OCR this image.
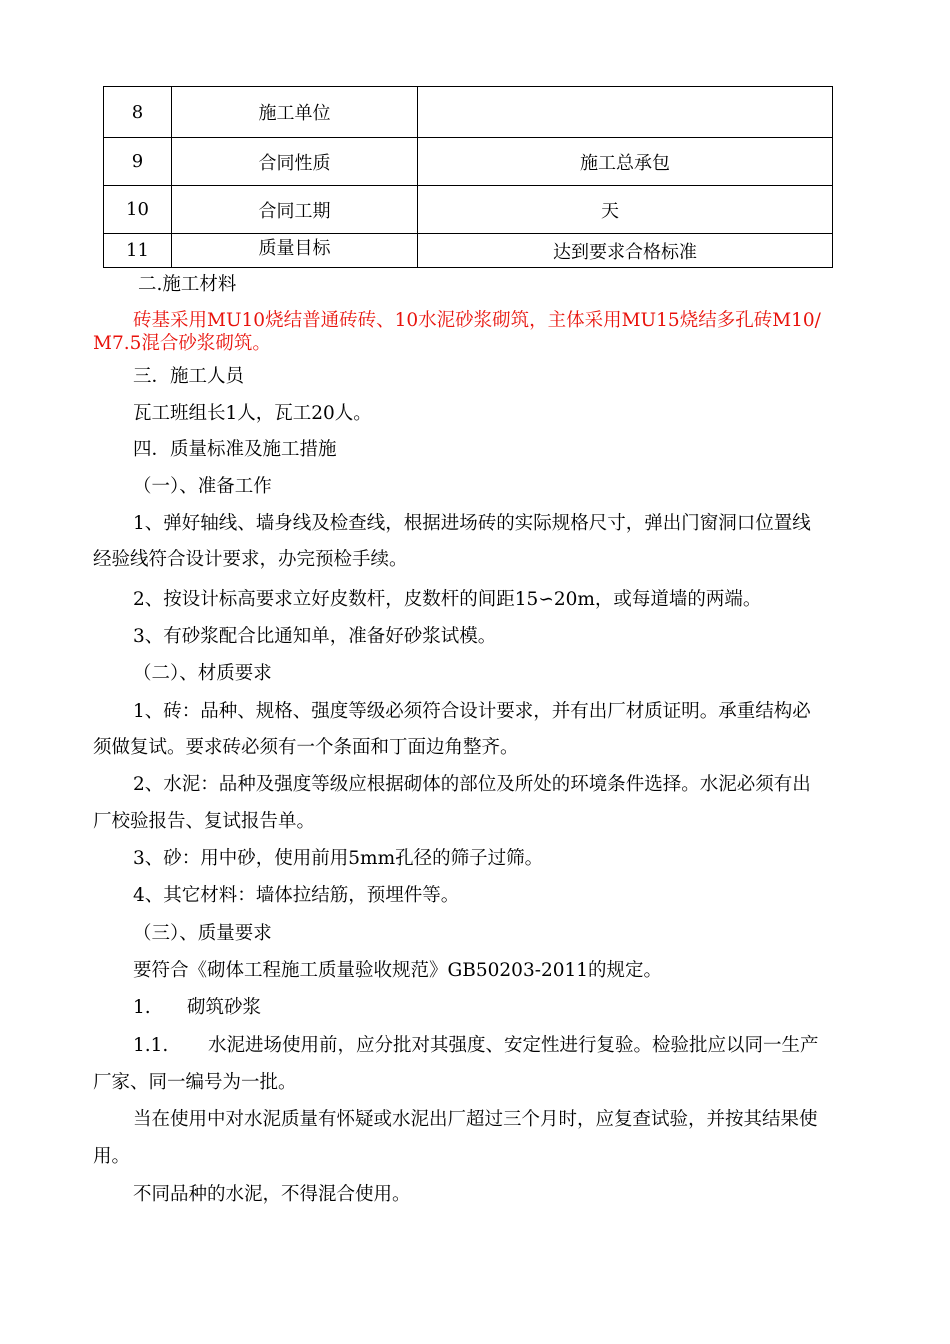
8	施工单位	
9	合同性质	施工总承包
10	合同工期	天
11	质量目标	达到要求合格标准
二.施工材料
砖基采用MU10烧结普通砖砖、10水泥砂浆砌筑，主体采用MU15烧结多孔砖M10/
M7.5混合砂浆砌筑。
三．施工人员
瓦工班组长1人，瓦工20人。
四．质量标准及施工措施
（一）、准备工作
1、弹好轴线、墙身线及检查线，根据进场砖的实际规格尺寸，弹出门窗洞口位置线
经验线符合设计要求，办完预检手续。
2、按设计标高要求立好皮数杆，皮数杆的间距15∽20m，或每道墙的两端。
3、有砂浆配合比通知单，准备好砂浆试模。
（二）、材质要求
1、砖：品种、规格、强度等级必须符合设计要求，并有出厂材质证明。承重结构必
须做复试。要求砖必须有一个条面和丁面边角整齐。
2、水泥：品种及强度等级应根据砌体的部位及所处的环境条件选择。水泥必须有出
厂校验报告、复试报告单。
3、砂：用中砂，使用前用5mm孔径的筛子过筛。
4、其它材料：墙体拉结筋，预埋件等。
（三）、质量要求
要符合《砌体工程施工质量验收规范》GB50203-2011的规定。
1. 砌筑砂浆
1.1. 水泥进场使用前，应分批对其强度、安定性进行复验。检验批应以同一生产
厂家、同一编号为一批。
当在使用中对水泥质量有怀疑或水泥出厂超过三个月时，应复查试验，并按其结果使
用。
不同品种的水泥，不得混合使用。
